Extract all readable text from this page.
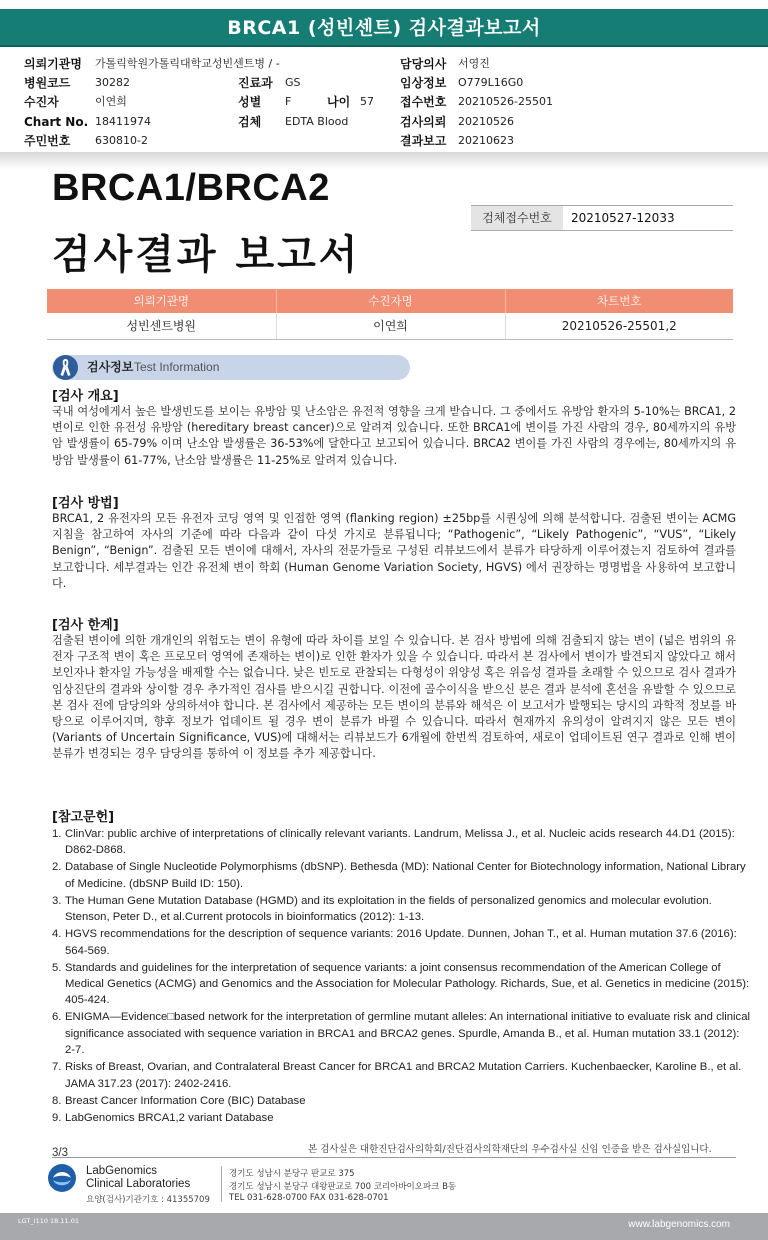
BRCA1 (성빈센트) 검사결과보고서
의뢰기관명 가톨릭학원가톨릭대학교성빈센트병 / -	담당의사 서영진
병원코드 30282	진료과 GS	임상정보 O779L16G0
수진자	이연희	성별 F	나이 57 접수번호 20210526-25501
Chart No. 18411974	검체 EDTA Blood	검사의뢰 20210526
주민번호 630810-2	결과보고 20210623
BRCA1/BRCA2
검사결과 보고서
검체접수번호	20210527-12033
의뢰기관명	수진자명	차트번호
성빈센트병원	이연희	20210526-25501,2
검사정보 Test Information
[검사 개요]
국내 여성에게서 높은 발생빈도를 보이는 유방암 및 난소암은 유전적 영향을 크게 받습니다. 그 중에서도 유방암 환자의 5-10%는 BRCA1, 2 변이로 인한 유전성 유방암 (hereditary breast cancer)으로 알려져 있습니다. 또한 BRCA1에 변이를 가진 사람의 경우, 80세까지의 유방암 발생률이 65-79% 이며 난소암 발생률은 36-53%에 달한다고 보고되어 있습니다. BRCA2 변이를 가진 사람의 경우에는, 80세까지의 유방암 발생률이 61-77%, 난소암 발생률은 11-25%로 알려져 있습니다.
[검사 방법]
BRCA1, 2 유전자의 모든 유전자 코딩 영역 및 인접한 영역 (flanking region) ±25bp를 시퀀싱에 의해 분석합니다. 검출된 변이는 ACMG 지침을 참고하여 자사의 기준에 따라 다음과 같이 다섯 가지로 분류됩니다; “Pathogenic”, “Likely Pathogenic”, “VUS”, “Likely Benign”, “Benign”. 검출된 모든 변이에 대해서, 자사의 전문가들로 구성된 리뷰보드에서 분류가 타당하게 이루어졌는지 검토하여 결과를 보고합니다. 세부결과는 인간 유전체 변이 학회 (Human Genome Variation Society, HGVS) 에서 권장하는 명명법을 사용하여 보고합니다.
[검사 한계]
검출된 변이에 의한 개개인의 위험도는 변이 유형에 따라 차이를 보일 수 있습니다. 본 검사 방법에 의해 검출되지 않는 변이 (넓은 범위의 유전자 구조적 변이 혹은 프로모터 영역에 존재하는 변이)로 인한 환자가 있을 수 있습니다. 따라서 본 검사에서 변이가 발견되지 않았다고 해서 보인자나 환자일 가능성을 배제할 수는 없습니다. 낮은 빈도로 관찰되는 다형성이 위양성 혹은 위음성 결과를 초래할 수 있으므로 검사 결과가 임상진단의 결과와 상이할 경우 추가적인 검사를 받으시길 권합니다. 이전에 골수이식을 받으신 분은 결과 분석에 혼선을 유발할 수 있으므로 본 검사 전에 담당의와 상의하셔야 합니다. 본 검사에서 제공하는 모든 변이의 분류와 해석은 이 보고서가 발행되는 당시의 과학적 정보를 바탕으로 이루어지며, 향후 정보가 업데이트 될 경우 변이 분류가 바뀔 수 있습니다. 따라서 현재까지 유의성이 알려지지 않은 모든 변이 (Variants of Uncertain Significance, VUS)에 대해서는 리뷰보드가 6개월에 한번씩 검토하여, 새로이 업데이트된 연구 결과로 인해 변이 분류가 변경되는 경우 담당의를 통하여 이 정보를 추가 제공합니다.
[참고문헌]
1. ClinVar: public archive of interpretations of clinically relevant variants. Landrum, Melissa J., et al. Nucleic acids research 44.D1 (2015): D862-D868.
2. Database of Single Nucleotide Polymorphisms (dbSNP). Bethesda (MD): National Center for Biotechnology information, National Library of Medicine. (dbSNP Build ID: 150).
3. The Human Gene Mutation Database (HGMD) and its exploitation in the fields of personalized genomics and molecular evolution. Stenson, Peter D., et al.Current protocols in bioinformatics (2012): 1-13.
4. HGVS recommendations for the description of sequence variants: 2016 Update. Dunnen, Johan T., et al. Human mutation 37.6 (2016): 564-569.
5. Standards and guidelines for the interpretation of sequence variants: a joint consensus recommendation of the American College of Medical Genetics (ACMG) and Genomics and the Association for Molecular Pathology. Richards, Sue, et al. Genetics in medicine (2015): 405-424.
6. ENIGMA—Evidence□based network for the interpretation of germline mutant alleles: An international initiative to evaluate risk and clinical significance associated with sequence variation in BRCA1 and BRCA2 genes. Spurdle, Amanda B., et al. Human mutation 33.1 (2012): 2-7.
7. Risks of Breast, Ovarian, and Contralateral Breast Cancer for BRCA1 and BRCA2 Mutation Carriers. Kuchenbaecker, Karoline B., et al. JAMA 317.23 (2017): 2402-2416.
8. Breast Cancer Information Core (BIC) Database
9. LabGenomics BRCA1,2 variant Database
본 검사실은 대한진단검사의학회/진단검사의학재단의 우수검사실 신임 인증을 받은 검사실입니다.
3/3
LabGenomics
Clinical Laboratories
요양(검사)기관기호 : 41355709
경기도 성남시 분당구 판교로 375
경기도 성남시 분당구 대왕판교로 700 코리아바이오파크 B동
TEL 031-628-0700 FAX 031-628-0701
LGT_I110 18.11.01	www.labgenomics.com
